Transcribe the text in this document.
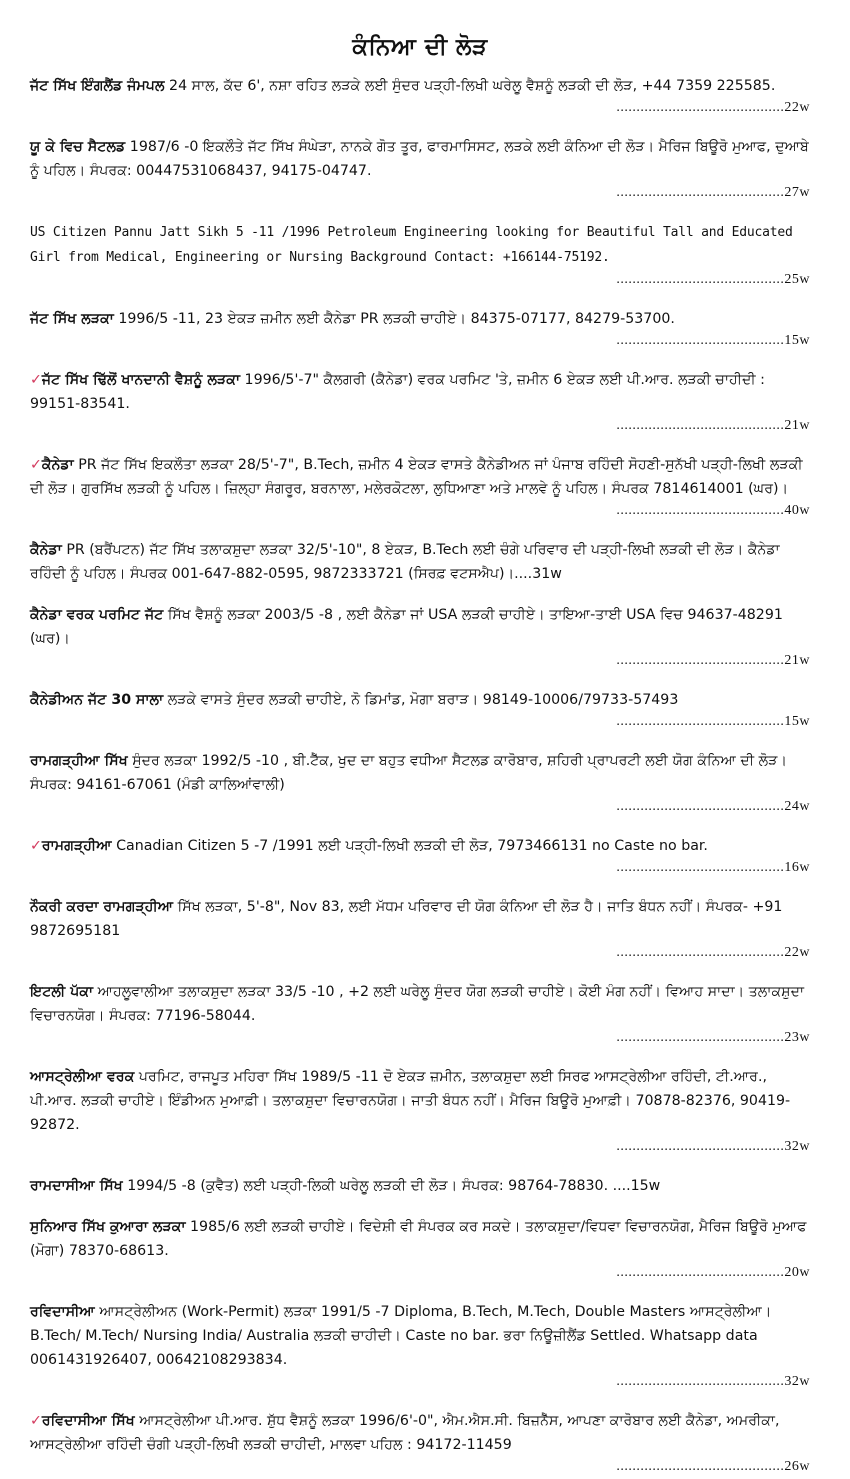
ਕੰਨਿਆ ਦੀ ਲੋੜ
ਜੱਟ ਸਿੱਖ ਇੰਗਲੈਂਡ ਜੰਮਪਲ 24 ਸਾਲ, ਕੱਦ 6', ਨਸ਼ਾ ਰਹਿਤ ਲੜਕੇ ਲਈ ਸੁੰਦਰ ਪੜ੍ਹੀ-ਲਿਖੀ ਘਰੇਲੂ ਵੈਸ਼ਨੂੰ ਲੜਕੀ ਦੀ ਲੋੜ, +44 7359 225585.
..........................................22w
ਯੂ ਕੇ ਵਿਚ ਸੈਟਲਡ 1987/6 -0 ਇਕਲੌਤੇ ਜੱਟ ਸਿੱਖ ਸੰਘੇੜਾ, ਨਾਨਕੇ ਗੋਤ ਤੂਰ, ਫਾਰਮਾਸਿਸਟ, ਲੜਕੇ ਲਈ ਕੰਨਿਆ ਦੀ ਲੋੜ। ਮੈਰਿਜ ਬਿਊਰੋ ਮੁਆਫ, ਦੁਆਬੇ ਨੂੰ ਪਹਿਲ। ਸੰਪਰਕ: 00447531068437, 94175-04747.
..........................................27w
US Citizen Pannu Jatt Sikh 5 -11 /1996 Petroleum Engineering looking for Beautiful Tall and Educated Girl from Medical, Engineering or Nursing Background Contact: +166144-75192.
..........................................25w
ਜੱਟ ਸਿੱਖ ਲੜਕਾ 1996/5 -11, 23 ਏਕੜ ਜ਼ਮੀਨ ਲਈ ਕੈਨੇਡਾ PR ਲੜਕੀ ਚਾਹੀਏ। 84375-07177, 84279-53700.
..........................................15w
✓ਜੱਟ ਸਿੱਖ ਢਿੱਲੋਂ ਖਾਨਦਾਨੀ ਵੈਸ਼ਨੂੰ ਲੜਕਾ 1996/5'-7" ਕੈਲਗਰੀ (ਕੈਨੇਡਾ) ਵਰਕ ਪਰਮਿਟ 'ਤੇ, ਜ਼ਮੀਨ 6 ਏਕੜ ਲਈ ਪੀ.ਆਰ. ਲੜਕੀ ਚਾਹੀਦੀ : 99151-83541.
..........................................21w
✓ਕੈਨੇਡਾ PR ਜੱਟ ਸਿੱਖ ਇਕਲੌਤਾ ਲੜਕਾ 28/5'-7", B.Tech, ਜ਼ਮੀਨ 4 ਏਕੜ ਵਾਸਤੇ ਕੈਨੇਡੀਅਨ ਜਾਂ ਪੰਜਾਬ ਰਹਿੰਦੀ ਸੋਹਣੀ-ਸੁਨੱਖੀ ਪੜ੍ਹੀ-ਲਿਖੀ ਲੜਕੀ ਦੀ ਲੋੜ। ਗੁਰਸਿੱਖ ਲੜਕੀ ਨੂੰ ਪਹਿਲ। ਜ਼ਿਲ੍ਹਾ ਸੰਗਰੂਰ, ਬਰਨਾਲਾ, ਮਲੇਰਕੋਟਲਾ, ਲੁਧਿਆਣਾ ਅਤੇ ਮਾਲਵੇ ਨੂੰ ਪਹਿਲ। ਸੰਪਰਕ 7814614001 (ਘਰ)।
..........................................40w
ਕੈਨੇਡਾ PR (ਬਰੈਂਪਟਨ) ਜੱਟ ਸਿੱਖ ਤਲਾਕਸ਼ੁਦਾ ਲੜਕਾ 32/5'-10", 8 ਏਕੜ, B.Tech ਲਈ ਚੰਗੇ ਪਰਿਵਾਰ ਦੀ ਪੜ੍ਹੀ-ਲਿਖੀ ਲੜਕੀ ਦੀ ਲੋੜ। ਕੈਨੇਡਾ ਰਹਿੰਦੀ ਨੂੰ ਪਹਿਲ। ਸੰਪਰਕ 001-647-882-0595, 9872333721 (ਸਿਰਫ਼ ਵਟਸਐਪ)।....31w
ਕੈਨੇਡਾ ਵਰਕ ਪਰਮਿਟ ਜੱਟ ਸਿੱਖ ਵੈਸ਼ਨੂੰ ਲੜਕਾ 2003/5 -8 , ਲਈ ਕੈਨੇਡਾ ਜਾਂ USA ਲੜਕੀ ਚਾਹੀਏ। ਤਾਇਆ-ਤਾਈ USA ਵਿਚ 94637-48291 (ਘਰ)।
..........................................21w
ਕੈਨੇਡੀਅਨ ਜੱਟ 30 ਸਾਲਾ ਲੜਕੇ ਵਾਸਤੇ ਸੁੰਦਰ ਲੜਕੀ ਚਾਹੀਏ, ਨੋ ਡਿਮਾਂਡ, ਮੋਗਾ ਬਰਾੜ। 98149-10006/79733-57493
..........................................15w
ਰਾਮਗੜ੍ਹੀਆ ਸਿੱਖ ਸੁੰਦਰ ਲੜਕਾ 1992/5 -10 , ਬੀ.ਟੈੱਕ, ਖੁਦ ਦਾ ਬਹੁਤ ਵਧੀਆ ਸੈਟਲਡ ਕਾਰੋਬਾਰ, ਸ਼ਹਿਰੀ ਪ੍ਰਾਪਰਟੀ ਲਈ ਯੋਗ ਕੰਨਿਆ ਦੀ ਲੋੜ। ਸੰਪਰਕ: 94161-67061 (ਮੰਡੀ ਕਾਲਿਆਂਵਾਲੀ)
..........................................24w
✓ਰਾਮਗੜ੍ਹੀਆ Canadian Citizen 5 -7 /1991 ਲਈ ਪੜ੍ਹੀ-ਲਿਖੀ ਲੜਕੀ ਦੀ ਲੋੜ, 7973466131 no Caste no bar.
..........................................16w
ਨੌਕਰੀ ਕਰਦਾ ਰਾਮਗੜ੍ਹੀਆ ਸਿੱਖ ਲੜਕਾ, 5'-8", Nov 83, ਲਈ ਮੱਧਮ ਪਰਿਵਾਰ ਦੀ ਯੋਗ ਕੰਨਿਆ ਦੀ ਲੋੜ ਹੈ। ਜਾਤਿ ਬੰਧਨ ਨਹੀਂ। ਸੰਪਰਕ- +91 9872695181
..........................................22w
ਇਟਲੀ ਪੱਕਾ ਆਹਲੂਵਾਲੀਆ ਤਲਾਕਸ਼ੁਦਾ ਲੜਕਾ 33/5 -10 , +2 ਲਈ ਘਰੇਲੂ ਸੁੰਦਰ ਯੋਗ ਲੜਕੀ ਚਾਹੀਏ। ਕੋਈ ਮੰਗ ਨਹੀਂ। ਵਿਆਹ ਸਾਦਾ। ਤਲਾਕਸ਼ੁਦਾ ਵਿਚਾਰਨਯੋਗ। ਸੰਪਰਕ: 77196-58044.
..........................................23w
ਆਸਟ੍ਰੇਲੀਆ ਵਰਕ ਪਰਮਿਟ, ਰਾਜਪੂਤ ਮਹਿਰਾ ਸਿੱਖ 1989/5 -11 ਦੋ ਏਕੜ ਜ਼ਮੀਨ, ਤਲਾਕਸ਼ੁਦਾ ਲਈ ਸਿਰਫ ਆਸਟ੍ਰੇਲੀਆ ਰਹਿੰਦੀ, ਟੀ.ਆਰ., ਪੀ.ਆਰ. ਲੜਕੀ ਚਾਹੀਏ। ਇੰਡੀਅਨ ਮੁਆਫ਼ੀ। ਤਲਾਕਸ਼ੁਦਾ ਵਿਚਾਰਨਯੋਗ। ਜਾਤੀ ਬੰਧਨ ਨਹੀਂ। ਮੈਰਿਜ ਬਿਊਰੋ ਮੁਆਫ਼ੀ। 70878-82376, 90419-92872.
..........................................32w
ਰਾਮਦਾਸੀਆ ਸਿੱਖ 1994/5 -8 (ਕੁਵੈਤ) ਲਈ ਪੜ੍ਹੀ-ਲਿਕੀ ਘਰੇਲੂ ਲੜਕੀ ਦੀ ਲੋੜ। ਸੰਪਰਕ: 98764-78830. ....15w
ਸੁਨਿਆਰ ਸਿੱਖ ਕੁਆਰਾ ਲੜਕਾ 1985/6 ਲਈ ਲੜਕੀ ਚਾਹੀਏ। ਵਿਦੇਸ਼ੀ ਵੀ ਸੰਪਰਕ ਕਰ ਸਕਦੇ। ਤਲਾਕਸ਼ੁਦਾ/ਵਿਧਵਾ ਵਿਚਾਰਨਯੋਗ, ਮੈਰਿਜ ਬਿਊਰੋ ਮੁਆਫ (ਮੋਗਾ) 78370-68613.
..........................................20w
ਰਵਿਦਾਸੀਆ ਆਸਟ੍ਰੇਲੀਅਨ (Work-Permit) ਲੜਕਾ 1991/5 -7 Diploma, B.Tech, M.Tech, Double Masters ਆਸਟ੍ਰੇਲੀਆ। B.Tech/ M.Tech/ Nursing India/ Australia ਲੜਕੀ ਚਾਹੀਦੀ। Caste no bar. ਭਰਾ ਨਿਊਜ਼ੀਲੈਂਡ Settled. Whatsapp data 0061431926407, 00642108293834.
..........................................32w
✓ਰਵਿਦਾਸੀਆ ਸਿੱਖ ਆਸਟ੍ਰੇਲੀਆ ਪੀ.ਆਰ. ਸ਼ੁੱਧ ਵੈਸ਼ਨੂੰ ਲੜਕਾ 1996/6'-0", ਐਮ.ਐਸ.ਸੀ. ਬਿਜ਼ਨੈੱਸ, ਆਪਣਾ ਕਾਰੋਬਾਰ ਲਈ ਕੈਨੇਡਾ, ਅਮਰੀਕਾ, ਆਸਟ੍ਰੇਲੀਆ ਰਹਿੰਦੀ ਚੰਗੀ ਪੜ੍ਹੀ-ਲਿਖੀ ਲੜਕੀ ਚਾਹੀਦੀ, ਮਾਲਵਾ ਪਹਿਲ : 94172-11459
..........................................26w
